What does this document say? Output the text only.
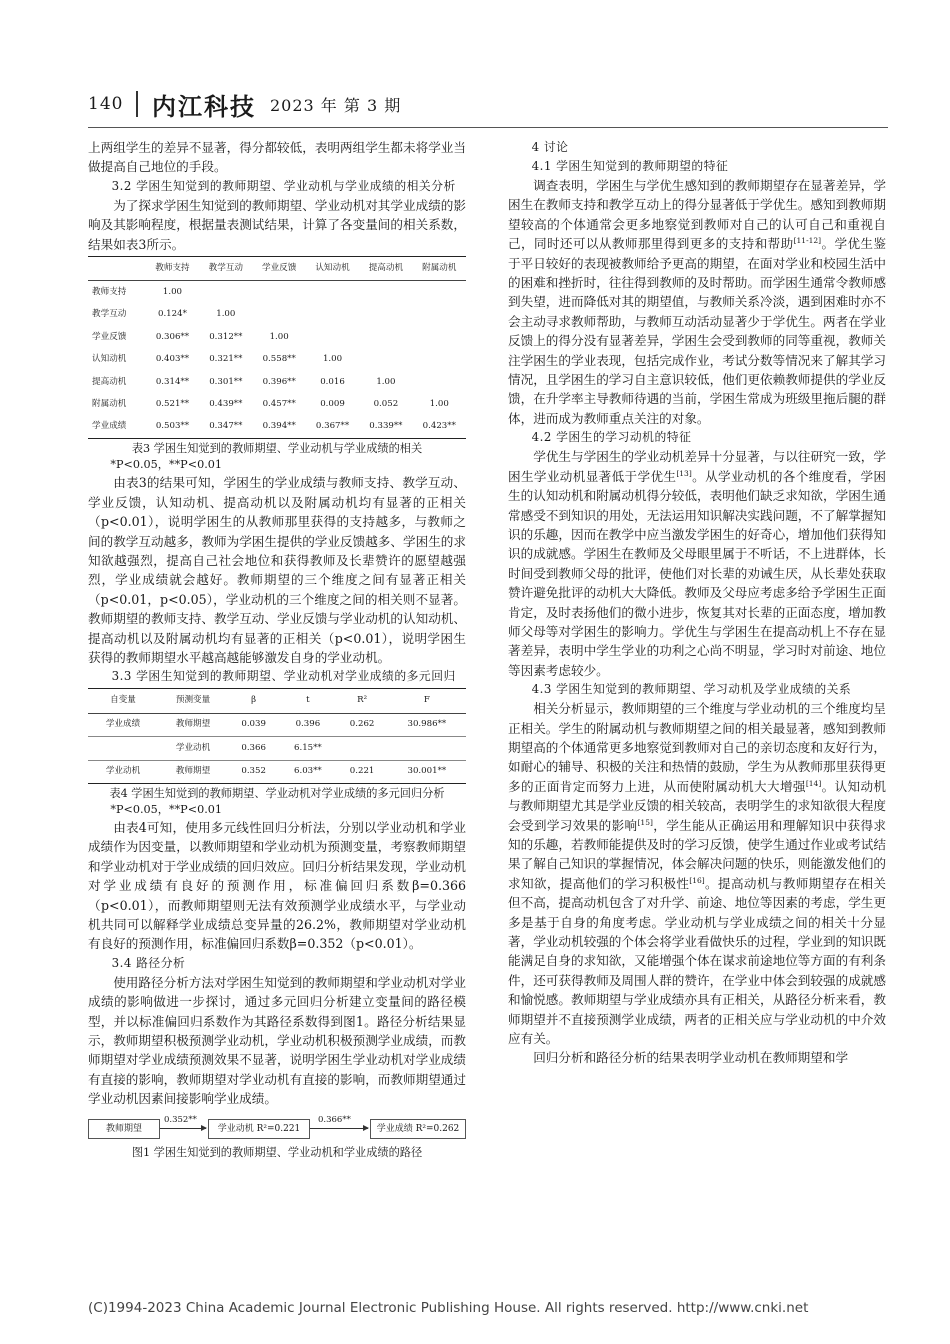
140 内江科技 2023 年 第 3 期

上两组学生的差异不显著，得分都较低，表明两组学生都未将学业当做提高自己地位的手段。

3.2 学困生知觉到的教师期望、学业动机与学业成绩的相关分析

为了探求学困生知觉到的教师期望、学业动机对其学业成绩的影响及其影响程度，根据量表测试结果，计算了各变量间的相关系数，结果如表3所示。

	教师支持	教学互动	学业反馈	认知动机	提高动机	附属动机
教师支持	1.00					
教学互动	0.124*	1.00				
学业反馈	0.306**	0.312**	1.00			
认知动机	0.403**	0.321**	0.558**	1.00		
提高动机	0.314**	0.301**	0.396**	0.016	1.00	
附属动机	0.521**	0.439**	0.457**	0.009	0.052	1.00
学业成绩	0.503**	0.347**	0.394**	0.367**	0.339**	0.423**

表3 学困生知觉到的教师期望、学业动机与学业成绩的相关

*P<0.05，**P<0.01

由表3的结果可知，学困生的学业成绩与教师支持、教学互动、学业反馈，认知动机、提高动机以及附属动机均有显著的正相关（p<0.01），说明学困生的从教师那里获得的支持越多，与教师之间的教学互动越多，教师为学困生提供的学业反馈越多、学困生的求知欲越强烈，提高自己社会地位和获得教师及长辈赞许的愿望越强烈，学业成绩就会越好。教师期望的三个维度之间有显著正相关（p<0.01，p<0.05），学业动机的三个维度之间的相关则不显著。教师期望的教师支持、教学互动、学业反馈与学业动机的认知动机、提高动机以及附属动机均有显著的正相关（p<0.01），说明学困生获得的教师期望水平越高越能够激发自身的学业动机。

3.3 学困生知觉到的教师期望、学业动机对学业成绩的多元回归

自变量	预测变量	β	t	R²	F
学业成绩	教师期望	0.039	0.396	0.262	30.986**
	学业动机	0.366	6.15**		
学业动机	教师期望	0.352	6.03**	0.221	30.001**

表4 学困生知觉到的教师期望、学业动机对学业成绩的多元回归分析

*P<0.05，**P<0.01

由表4可知，使用多元线性回归分析法，分别以学业动机和学业成绩作为因变量，以教师期望和学业动机为预测变量，考察教师期望和学业动机对于学业成绩的回归效应。回归分析结果发现，学业动机对学业成绩有良好的预测作用，标准偏回归系数β=0.366（p<0.01），而教师期望则无法有效预测学业成绩水平，与学业动机共同可以解释学业成绩总变异量的26.2%，教师期望对学业动机有良好的预测作用，标准偏回归系数β=0.352（p<0.01）。

3.4 路径分析

使用路径分析方法对学困生知觉到的教师期望和学业动机对学业成绩的影响做进一步探讨，通过多元回归分析建立变量间的路径模型，并以标准偏回归系数作为其路径系数得到图1。路径分析结果显示，教师期望积极预测学业动机，学业动机积极预测学业成绩，而教师期望对学业成绩预测效果不显著，说明学困生学业动机对学业成绩有直接的影响，教师期望对学业动机有直接的影响，而教师期望通过学业动机因素间接影响学业成绩。

教师期望
0.352**
学业动机 R²=0.221
0.366**
学业成绩 R²=0.262

图1 学困生知觉到的教师期望、学业动机和学业成绩的路径

4 讨论

4.1 学困生知觉到的教师期望的特征

调查表明，学困生与学优生感知到的教师期望存在显著差异，学困生在教师支持和教学互动上的得分显著低于学优生。感知到教师期望较高的个体通常会更多地察觉到教师对自己的认可自己和重视自己，同时还可以从教师那里得到更多的支持和帮助[11-12]。学优生鉴于平日较好的表现被教师给予更高的期望，在面对学业和校园生活中的困难和挫折时，往往得到教师的及时帮助。而学困生通常令教师感到失望，进而降低对其的期望值，与教师关系冷淡，遇到困难时亦不会主动寻求教师帮助，与教师互动活动显著少于学优生。两者在学业反馈上的得分没有显著差异，学困生会受到教师的同等重视，教师关注学困生的学业表现，包括完成作业，考试分数等情况来了解其学习情况，且学困生的学习自主意识较低，他们更依赖教师提供的学业反馈，在升学率主导教师待遇的当前，学困生常成为班级里拖后腿的群体，进而成为教师重点关注的对象。

4.2 学困生的学习动机的特征

学优生与学困生的学业动机差异十分显著，与以往研究一致，学困生学业动机显著低于学优生[13]。从学业动机的各个维度看，学困生的认知动机和附属动机得分较低，表明他们缺乏求知欲，学困生通常感受不到知识的用处，无法运用知识解决实践问题，不了解掌握知识的乐趣，因而在教学中应当激发学困生的好奇心，增加他们获得知识的成就感。学困生在教师及父母眼里属于不听话，不上进群体，长时间受到教师父母的批评，使他们对长辈的劝诫生厌，从长辈处获取赞许避免批评的动机大大降低。教师及父母应考虑多给予学困生正面肯定，及时表扬他们的微小进步，恢复其对长辈的正面态度，增加教师父母等对学困生的影响力。学优生与学困生在提高动机上不存在显著差异，表明中学生学业的功利之心尚不明显，学习时对前途、地位等因素考虑较少。

4.3 学困生知觉到的教师期望、学习动机及学业成绩的关系

相关分析显示，教师期望的三个维度与学业动机的三个维度均呈正相关。学生的附属动机与教师期望之间的相关最显著，感知到教师期望高的个体通常更多地察觉到教师对自己的亲切态度和友好行为，如耐心的辅导、积极的关注和热情的鼓励，学生为从教师那里获得更多的正面肯定而努力上进，从而使附属动机大大增强[14]。认知动机与教师期望尤其是学业反馈的相关较高，表明学生的求知欲很大程度会受到学习效果的影响[15]，学生能从正确运用和理解知识中获得求知的乐趣，若教师能提供及时的学习反馈，使学生通过作业或考试结果了解自己知识的掌握情况，体会解决问题的快乐，则能激发他们的求知欲，提高他们的学习积极性[16]。提高动机与教师期望存在相关但不高，提高动机包含了对升学、前途、地位等因素的考虑，学生更多是基于自身的角度考虑。学业动机与学业成绩之间的相关十分显著，学业动机较强的个体会将学业看做快乐的过程，学业到的知识既能满足自身的求知欲，又能增强个体在谋求前途地位等方面的有利条件，还可获得教师及周围人群的赞许，在学业中体会到较强的成就感和愉悦感。教师期望与学业成绩亦具有正相关，从路径分析来看，教师期望并不直接预测学业成绩，两者的正相关应与学业动机的中介效应有关。

回归分析和路径分析的结果表明学业动机在教师期望和学

(C)1994-2023 China Academic Journal Electronic Publishing House. All rights reserved. http://www.cnki.net
